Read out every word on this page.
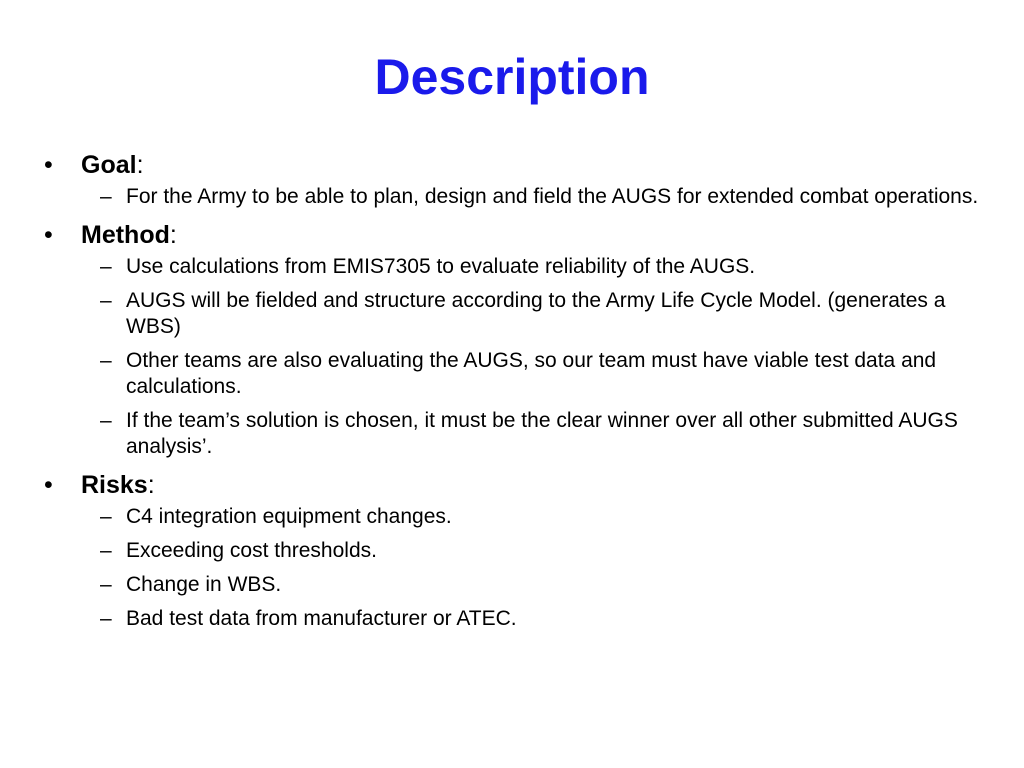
Description
• Goal:
– For the Army to be able to plan, design and field the AUGS for extended combat operations.
• Method:
– Use calculations from EMIS7305 to evaluate reliability of the AUGS.
– AUGS will be fielded and structure according to the Army Life Cycle Model. (generates a WBS)
– Other teams are also evaluating the AUGS, so our team must have viable test data and calculations.
– If the team’s solution is chosen, it must be the clear winner over all other submitted AUGS analysis’.
• Risks:
– C4 integration equipment changes.
– Exceeding cost thresholds.
– Change in WBS.
– Bad test data from manufacturer or ATEC.
